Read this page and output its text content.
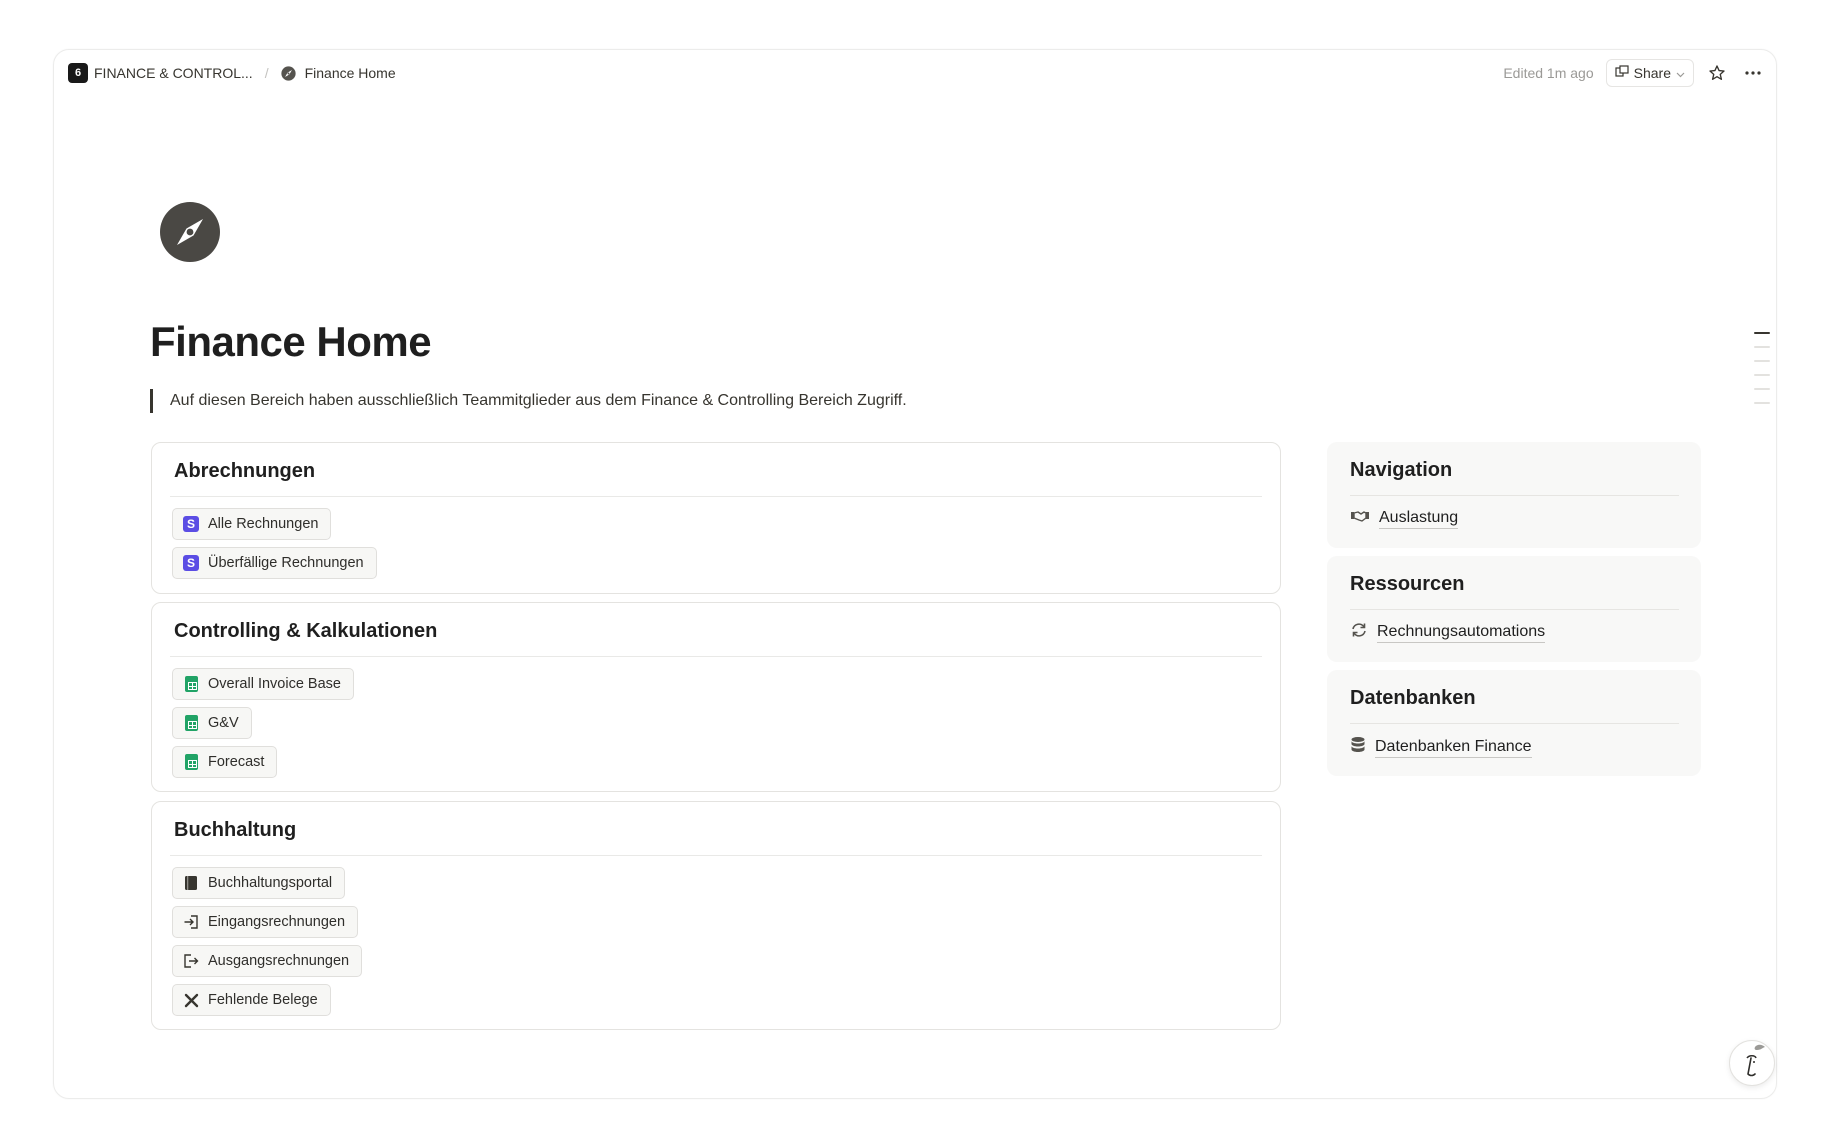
6 FINANCE & CONTROL... /	Finance Home	Edited 1m ago	Share
Finance Home
Auf diesen Bereich haben ausschließlich Teammitglieder aus dem Finance & Controlling Bereich Zugriff.
Abrechnungen
S Alle Rechnungen
S Überfällige Rechnungen
Controlling & Kalkulationen
Overall Invoice Base
G&V
Forecast
Buchhaltung
Buchhaltungsportal
Eingangsrechnungen
Ausgangsrechnungen
Fehlende Belege
Navigation
Auslastung
Ressourcen
Rechnungsautomations
Datenbanken
Datenbanken Finance
